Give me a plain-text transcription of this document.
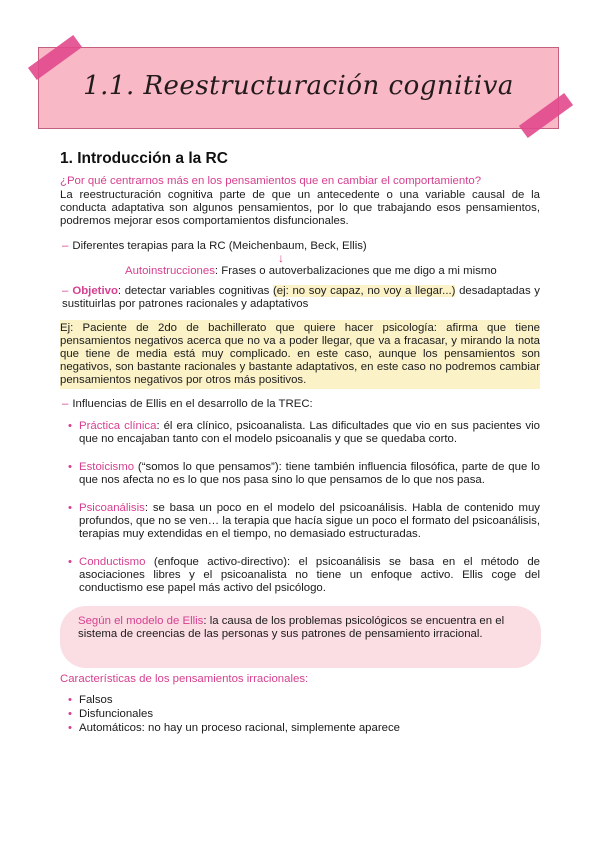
1.1. Reestructuración cognitiva
1. Introducción a la RC
¿Por qué centrarnos más en los pensamientos que en cambiar el comportamiento?
La reestructuración cognitiva parte de que un antecedente o una variable causal de la conducta adaptativa son algunos pensamientos, por lo que trabajando esos pensamientos, podremos mejorar esos comportamientos disfuncionales.
– Diferentes terapias para la RC (Meichenbaum, Beck, Ellis)
↓
Autoinstrucciones: Frases o autoverbalizaciones que me digo a mi mismo
– Objetivo: detectar variables cognitivas (ej: no soy capaz, no voy a llegar...) desadaptadas y sustituirlas por patrones racionales y adaptativos
Ej: Paciente de 2do de bachillerato que quiere hacer psicología: afirma que tiene pensamientos negativos acerca que no va a poder llegar, que va a fracasar, y mirando la nota que tiene de media está muy complicado. en este caso, aunque los pensamientos son negativos, son bastante racionales y bastante adaptativos, en este caso no podremos cambiar pensamientos negativos por otros más positivos.
– Influencias de Ellis en el desarrollo de la TREC:
• Práctica clínica: él era clínico, psicoanalista. Las dificultades que vio en sus pacientes vio que no encajaban tanto con el modelo psicoanalis y que se quedaba corto.
• Estoicismo (“somos lo que pensamos”): tiene también influencia filosófica, parte de que lo que nos afecta no es lo que nos pasa sino lo que pensamos de lo que nos pasa.
• Psicoanálisis: se basa un poco en el modelo del psicoanálisis. Habla de contenido muy profundos, que no se ven… la terapia que hacía sigue un poco el formato del psicoanálisis, terapias muy extendidas en el tiempo, no demasiado estructuradas.
• Conductismo (enfoque activo-directivo): el psicoanálisis se basa en el método de asociaciones libres y el psicoanalista no tiene un enfoque activo. Ellis coge del conductismo ese papel más activo del psicólogo.
Según el modelo de Ellis: la causa de los problemas psicológicos se encuentra en el sistema de creencias de las personas y sus patrones de pensamiento irracional.
Características de los pensamientos irracionales:
• Falsos
• Disfuncionales
• Automáticos: no hay un proceso racional, simplemente aparece
